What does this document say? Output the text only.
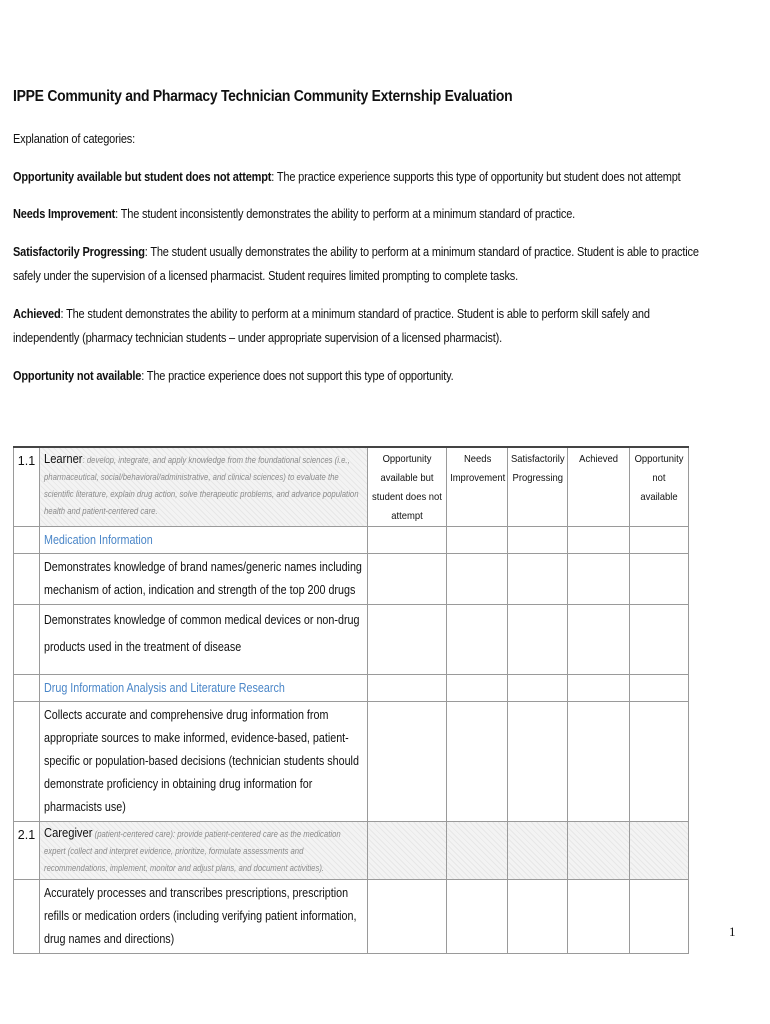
IPPE Community and Pharmacy Technician Community Externship Evaluation
Explanation of categories:
Opportunity available but student does not attempt: The practice experience supports this type of opportunity but student does not attempt
Needs Improvement: The student inconsistently demonstrates the ability to perform at a minimum standard of practice.
Satisfactorily Progressing: The student usually demonstrates the ability to perform at a minimum standard of practice. Student is able to practice safely under the supervision of a licensed pharmacist. Student requires limited prompting to complete tasks.
Achieved: The student demonstrates the ability to perform at a minimum standard of practice. Student is able to perform skill safely and independently (pharmacy technician students – under appropriate supervision of a licensed pharmacist).
Opportunity not available: The practice experience does not support this type of opportunity.
1.1	Learner: develop, integrate, and apply knowledge from the foundational sciences (i.e., pharmaceutical, social/behavioral/administrative, and clinical sciences) to evaluate the scientific literature, explain drug action, solve therapeutic problems, and advance population health and patient-centered care.	Opportunity available but student does not attempt	Needs Improvement	Satisfactorily Progressing	Achieved	Opportunity not available

	Medication Information					

	Demonstrates knowledge of brand names/generic names including mechanism of action, indication and strength of the top 200 drugs					

	Demonstrates knowledge of common medical devices or non-drug products used in the treatment of disease					

	Drug Information Analysis and Literature Research					

	Collects accurate and comprehensive drug information from appropriate sources to make informed, evidence-based, patient-specific or population-based decisions (technician students should demonstrate proficiency in obtaining drug information for pharmacists use)					

2.1	Caregiver (patient-centered care): provide patient-centered care as the medication expert (collect and interpret evidence, prioritize, formulate assessments and recommendations, implement, monitor and adjust plans, and document activities).					

	Accurately processes and transcribes prescriptions, prescription refills or medication orders (including verifying patient information, drug names and directions)					
						1
